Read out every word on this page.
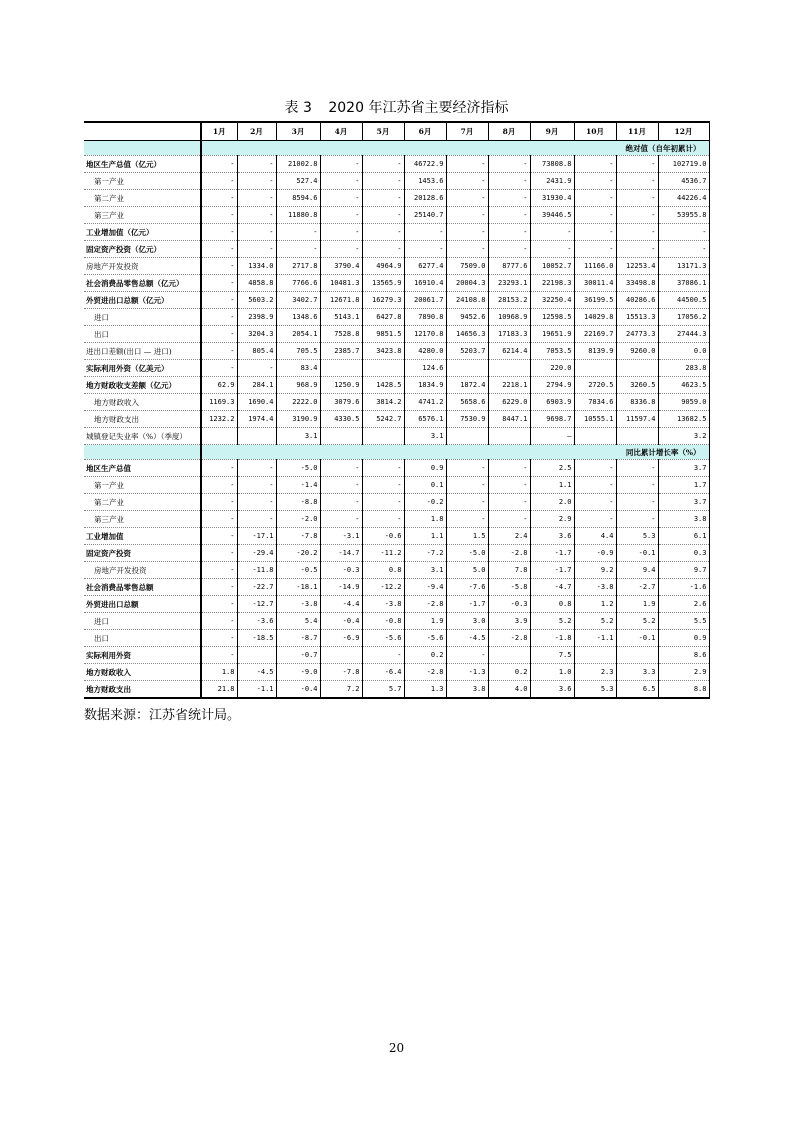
表 3 2020 年江苏省主要经济指标
	1月	2月	3月	4月	5月	6月	7月	8月	9月	10月	11月	12月
	绝对值（自年初累计）											
地区生产总值（亿元）	-	-	21002.8	-	-	46722.9	-	-	73808.8	-	-	102719.0
第一产业	-	-	527.4	-	-	1453.6	-	-	2431.9	-	-	4536.7
第二产业	-	-	8594.6	-	-	20128.6	-	-	31930.4	-	-	44226.4
第三产业	-	-	11880.8	-	-	25140.7	-	-	39446.5	-	-	53955.8
工业增加值（亿元）	-	-	-	-	-	-	-	-	-	-	-	-
固定资产投资（亿元）	-	-	-	-	-	-	-	-	-	-	-	-
房地产开发投资	-	1334.0	2717.8	3790.4	4964.9	6277.4	7509.0	8777.6	10052.7	11166.0	12253.4	13171.3
社会消费品零售总额（亿元）	-	4858.8	7766.6	10481.3	13565.9	16910.4	20004.3	23293.1	22198.3	30011.4	33498.8	37086.1
外贸进出口总额（亿元）	-	5603.2	3402.7	12671.8	16279.3	20061.7	24108.8	28153.2	32250.4	36199.5	40286.6	44500.5
进口	-	2398.9	1348.6	5143.1	6427.8	7890.8	9452.6	10968.9	12598.5	14029.8	15513.3	17056.2
出口	-	3204.3	2054.1	7528.8	9851.5	12170.8	14656.3	17183.3	19651.9	22169.7	24773.3	27444.3
进出口差额(出口 — 进口)	-	805.4	705.5	2385.7	3423.8	4280.0	5203.7	6214.4	7053.5	8139.9	9260.0	0.0
实际利用外资（亿美元）	-	-	83.4			124.6			220.0			283.8
地方财政收支差额（亿元）	62.9	284.1	968.9	1250.9	1428.5	1834.9	1872.4	2218.1	2794.9	2720.5	3260.5	4623.5
地方财政收入	1169.3	1690.4	2222.0	3079.6	3814.2	4741.2	5658.6	6229.0	6903.9	7834.6	8336.8	9059.0
地方财政支出	1232.2	1974.4	3190.9	4330.5	5242.7	6576.1	7530.9	8447.1	9698.7	10555.1	11597.4	13682.5
城镇登记失业率（%）（季度）			3.1			3.1			—			3.2
	同比累计增长率（%）											
地区生产总值	-	-	-5.0	-	-	0.9	-	-	2.5	-	-	3.7
第一产业	-	-	-1.4	-	-	0.1	-	-	1.1	-	-	1.7
第二产业	-	-	-8.8	-	-	-0.2	-	-	2.0	-	-	3.7
第三产业	-	-	-2.0	-	-	1.8	-	-	2.9	-	-	3.8
工业增加值	-	-17.1	-7.8	-3.1	-0.6	1.1	1.5	2.4	3.6	4.4	5.3	6.1
固定资产投资	-	-29.4	-20.2	-14.7	-11.2	-7.2	-5.0	-2.8	-1.7	-0.9	-0.1	0.3
房地产开发投资	-	-11.8	-0.5	-0.3	0.8	3.1	5.0	7.8	-1.7	9.2	9.4	9.7
社会消费品零售总额	-	-22.7	-18.1	-14.9	-12.2	-9.4	-7.6	-5.8	-4.7	-3.8	-2.7	-1.6
外贸进出口总额	-	-12.7	-3.8	-4.4	-3.8	-2.8	-1.7	-0.3	0.8	1.2	1.9	2.6
进口	-	-3.6	5.4	-0.4	-0.8	1.9	3.0	3.9	5.2	5.2	5.2	5.5
出口	-	-18.5	-8.7	-6.9	-5.6	-5.6	-4.5	-2.8	-1.8	-1.1	-0.1	0.9
实际利用外资	-		-0.7		-	0.2	-		7.5			8.6
地方财政收入	1.8	-4.5	-9.0	-7.8	-6.4	-2.8	-1.3	0.2	1.0	2.3	3.3	2.9
地方财政支出	21.8	-1.1	-0.4	7.2	5.7	1.3	3.8	4.0	3.6	5.3	6.5	8.8
数据来源：江苏省统计局。
20
